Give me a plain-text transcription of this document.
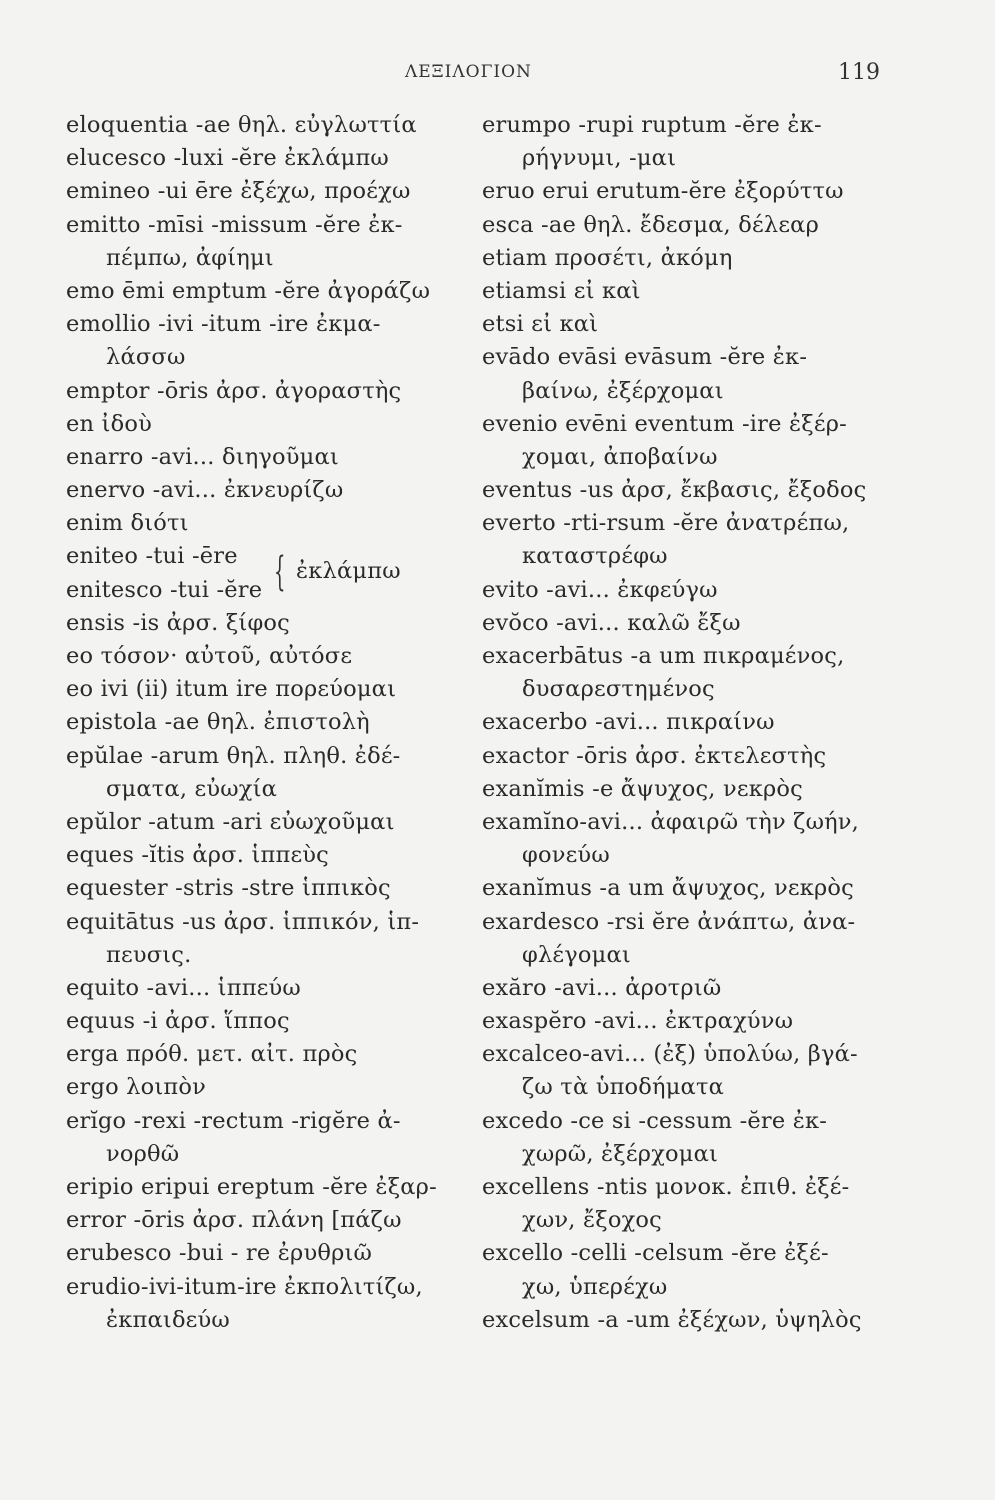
ΛΕΞΙΛΟΓΙΟΝ	119
eloquentia -ae θηλ. εὐγλωττία
elucesco -luxi -ĕre ἐκλάμπω
emineo -ui ēre ἐξέχω, προέχω
emitto -mīsi -missum -ĕre ἐκ-
πέμπω, ἀφίημι
emo ēmi emptum -ĕre ἀγοράζω
emollio -ivi -itum -ire ἐκμα-
λάσσω
emptor -ōris ἀρσ. ἀγοραστὴς
en ἰδοὺ
enarro -avi... διηγοῦμαι
enervo -avi... ἐκνευρίζω
enim διότι
eniteo -tui -ēre
enitesco -tui -ĕre { ἐκλάμπω
ensis -is ἀρσ. ξίφος
eo τόσον· αὐτοῦ, αὐτόσε
eo ivi (ii) itum ire πορεύομαι
epistola -ae θηλ. ἐπιστολὴ
epŭlae -arum θηλ. πληθ. ἐδέ-
σματα, εὐωχία
epŭlor -atum -ari εὐωχοῦμαι
eques -ĭtis ἀρσ. ἱππεὺς
equester -stris -stre ἱππικὸς
equitātus -us ἀρσ. ἱππικόν, ἱπ-
πευσις.
equito -avi... ἱππεύω
equus -i ἀρσ. ἵππος
erga πρόθ. μετ. αἰτ. πρὸς
ergo λοιπὸν
erĭgo -rexi -rectum -rigĕre ἀ-
νορθῶ
eripio eripui ereptum -ĕre ἐξαρ-
error -ōris ἀρσ. πλάνη [πάζω
erubesco -bui - re ἐρυθριῶ
erudio-ivi-itum-ire ἐκπολιτίζω,
ἐκπαιδεύω
erumpo -rupi ruptum -ĕre ἐκ-
ρήγνυμι, -μαι
eruo erui erutum-ĕre ἐξορύττω
esca -ae θηλ. ἔδεσμα, δέλεαρ
etiam προσέτι, ἀκόμη
etiamsi εἰ καὶ
etsi εἰ καὶ
evādo evāsi evāsum -ĕre ἐκ-
βαίνω, ἐξέρχομαι
evenio evēni eventum -ire ἐξέρ-
χομαι, ἀποβαίνω
eventus -us ἀρσ, ἔκβασις, ἔξοδος
everto -rti-rsum -ĕre ἀνατρέπω,
καταστρέφω
evito -avi... ἐκφεύγω
evŏco -avi... καλῶ ἔξω
exacerbātus -a um πικραμένος,
δυσαρεστημένος
exacerbo -avi... πικραίνω
exactor -ōris ἀρσ. ἐκτελεστὴς
exanĭmis -e ἄψυχος, νεκρὸς
examĭno-avi... ἀφαιρῶ τὴν ζωήν,
φονεύω
exanĭmus -a um ἄψυχος, νεκρὸς
exardesco -rsi ĕre ἀνάπτω, ἀνα-
φλέγομαι
exăro -avi... ἀροτριῶ
exaspĕro -avi... ἐκτραχύνω
excalceo-avi... (ἐξ) ὑπολύω, βγά-
ζω τὰ ὑποδήματα
excedo -ce si -cessum -ĕre ἐκ-
χωρῶ, ἐξέρχομαι
excellens -ntis μονοκ. ἐπιθ. ἐξέ-
χων, ἔξοχος
excello -celli -celsum -ĕre ἐξέ-
χω, ὑπερέχω
excelsum -a -um ἐξέχων, ὑψηλὸς
